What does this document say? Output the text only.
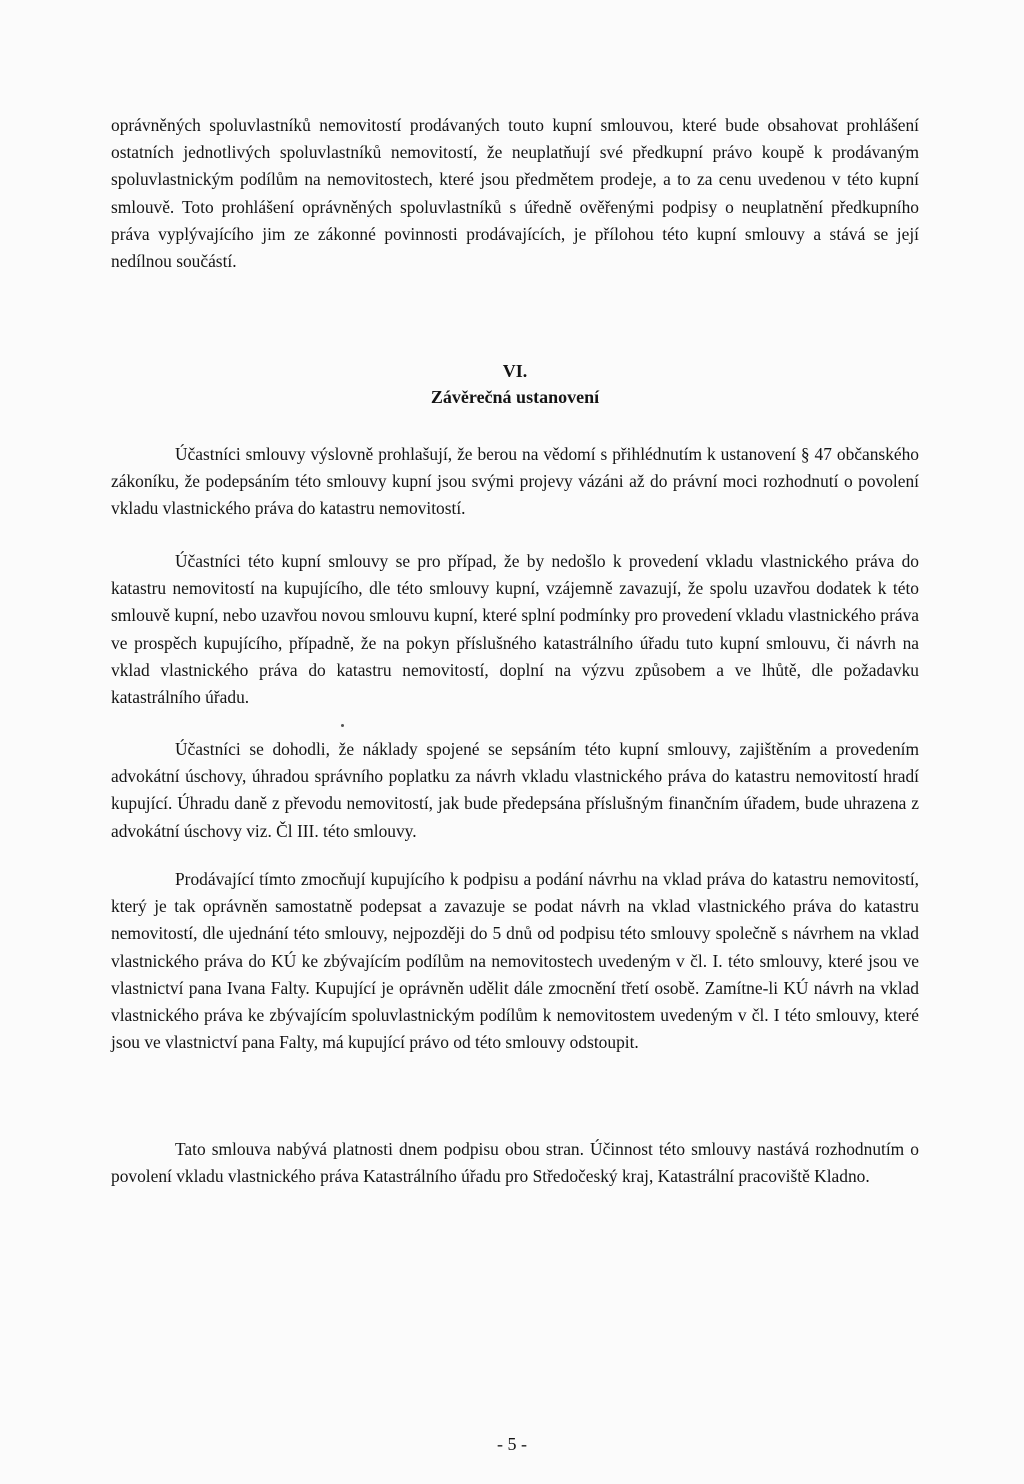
oprávněných spoluvlastníků nemovitostí prodávaných touto kupní smlouvou, které bude obsahovat prohlášení ostatních jednotlivých spoluvlastníků nemovitostí, že neuplatňují své předkupní právo koupě k prodávaným spoluvlastnickým podílům na nemovitostech, které jsou předmětem prodeje, a to za cenu uvedenou v této kupní smlouvě. Toto prohlášení oprávněných spoluvlastníků s úředně ověřenými podpisy o neuplatnění předkupního práva vyplývajícího jim ze zákonné povinnosti prodávajících, je přílohou této kupní smlouvy a stává se její nedílnou součástí.

VI.
Závěrečná ustanovení

Účastníci smlouvy výslovně prohlašují, že berou na vědomí s přihlédnutím k ustanovení § 47 občanského zákoníku, že podepsáním této smlouvy kupní jsou svými projevy vázáni až do právní moci rozhodnutí o povolení vkladu vlastnického práva do katastru nemovitostí.

Účastníci této kupní smlouvy se pro případ, že by nedošlo k provedení vkladu vlastnického práva do katastru nemovitostí na kupujícího, dle této smlouvy kupní, vzájemně zavazují, že spolu uzavřou dodatek k této smlouvě kupní, nebo uzavřou novou smlouvu kupní, které splní podmínky pro provedení vkladu vlastnického práva ve prospěch kupujícího, případně, že na pokyn příslušného katastrálního úřadu tuto kupní smlouvu, či návrh na vklad vlastnického práva do katastru nemovitostí, doplní na výzvu způsobem a ve lhůtě, dle požadavku katastrálního úřadu.

Účastníci se dohodli, že náklady spojené se sepsáním této kupní smlouvy, zajištěním a provedením advokátní úschovy, úhradou správního poplatku za návrh vkladu vlastnického práva do katastru nemovitostí hradí kupující. Úhradu daně z převodu nemovitostí, jak bude předepsána příslušným finančním úřadem, bude uhrazena z advokátní úschovy viz. Čl III. této smlouvy.

Prodávající tímto zmocňují kupujícího k podpisu a podání návrhu na vklad práva do katastru nemovitostí, který je tak oprávněn samostatně podepsat a zavazuje se podat návrh na vklad vlastnického práva do katastru nemovitostí, dle ujednání této smlouvy, nejpozději do 5 dnů od podpisu této smlouvy společně s návrhem na vklad vlastnického práva do KÚ ke zbývajícím podílům na nemovitostech uvedeným v čl. I. této smlouvy, které jsou ve vlastnictví pana Ivana Falty. Kupující je oprávněn udělit dále zmocnění třetí osobě. Zamítne-li KÚ návrh na vklad vlastnického práva ke zbývajícím spoluvlastnickým podílům k nemovitostem uvedeným v čl. I této smlouvy, které jsou ve vlastnictví pana Falty, má kupující právo od této smlouvy odstoupit.

Tato smlouva nabývá platnosti dnem podpisu obou stran. Účinnost této smlouvy nastává rozhodnutím o povolení vkladu vlastnického práva Katastrálního úřadu pro Středočeský kraj, Katastrální pracoviště Kladno.

- 5 -
